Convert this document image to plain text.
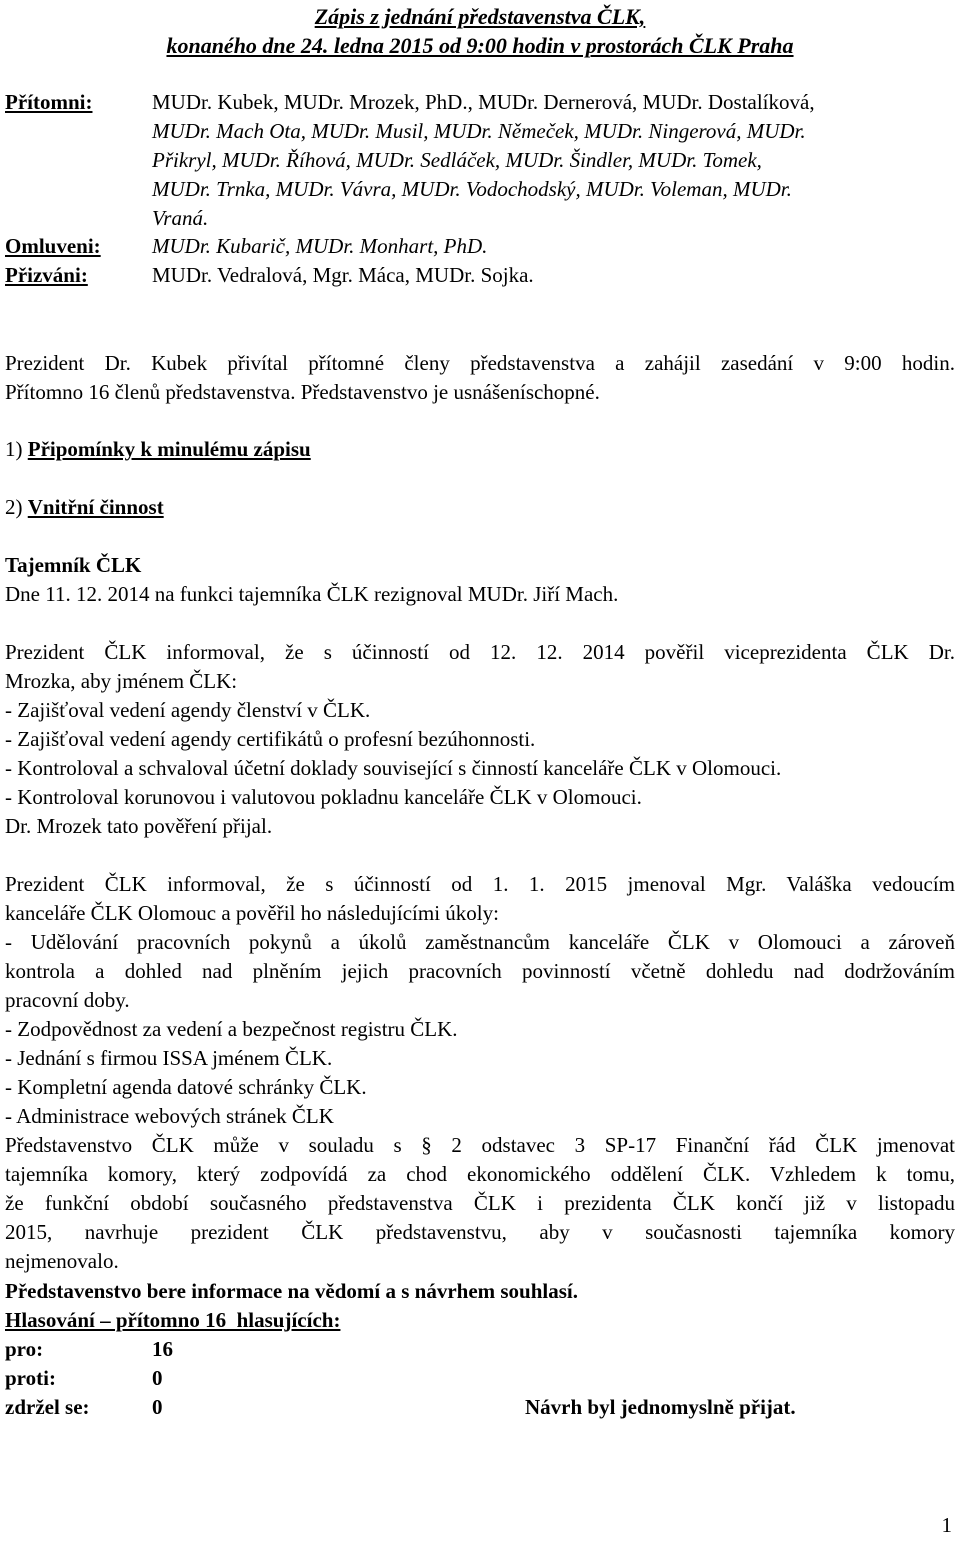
Zápis z jednání představenstva ČLK,
konaného dne 24. ledna 2015 od 9:00 hodin v prostorách ČLK Praha
Přítomni:	MUDr. Kubek, MUDr. Mrozek, PhD., MUDr. Dernerová, MUDr. Dostalíková,
MUDr. Mach Ota, MUDr. Musil, MUDr. Němeček, MUDr. Ningerová, MUDr.
Přikryl, MUDr. Říhová, MUDr. Sedláček, MUDr. Šindler, MUDr. Tomek,
MUDr. Trnka, MUDr. Vávra, MUDr. Vodochodský, MUDr. Voleman, MUDr.
Vraná.
Omluveni: MUDr. Kubarič, MUDr. Monhart, PhD.
Přizváni:	MUDr. Vedralová, Mgr. Máca, MUDr. Sojka.
Prezident Dr. Kubek přivítal přítomné členy představenstva a zahájil zasedání v 9:00 hodin.
Přítomno 16 členů představenstva. Představenstvo je usnášeníschopné.
1) Připomínky k minulému zápisu
2) Vnitřní činnost
Tajemník ČLK
Dne 11. 12. 2014 na funkci tajemníka ČLK rezignoval MUDr. Jiří Mach.
Prezident ČLK informoval, že s účinností od 12. 12. 2014 pověřil viceprezidenta ČLK Dr.
Mrozka, aby jménem ČLK:
- Zajišťoval vedení agendy členství v ČLK.
- Zajišťoval vedení agendy certifikátů o profesní bezúhonnosti.
- Kontroloval a schvaloval účetní doklady související s činností kanceláře ČLK v Olomouci.
- Kontroloval korunovou i valutovou pokladnu kanceláře ČLK v Olomouci.
Dr. Mrozek tato pověření přijal.
Prezident ČLK informoval, že s účinností od 1. 1. 2015 jmenoval Mgr. Valáška vedoucím
kanceláře ČLK Olomouc a pověřil ho následujícími úkoly:
- Udělování pracovních pokynů a úkolů zaměstnancům kanceláře ČLK v Olomouci a zároveň
kontrola a dohled nad plněním jejich pracovních povinností včetně dohledu nad dodržováním
pracovní doby.
- Zodpovědnost za vedení a bezpečnost registru ČLK.
- Jednání s firmou ISSA jménem ČLK.
- Kompletní agenda datové schránky ČLK.
- Administrace webových stránek ČLK
Představenstvo ČLK může v souladu s § 2 odstavec 3 SP-17 Finanční řád ČLK jmenovat
tajemníka komory, který zodpovídá za chod ekonomického oddělení ČLK. Vzhledem k tomu,
že funkční období současného představenstva ČLK i prezidenta ČLK končí již v listopadu
2015, navrhuje prezident ČLK představenstvu, aby v současnosti tajemníka komory
nejmenovalo.
Představenstvo bere informace na vědomí a s návrhem souhlasí.
Hlasování – přítomno 16  hlasujících:
pro:	16
proti:	0
zdržel se:	0	Návrh byl jednomyslně přijat.
1
